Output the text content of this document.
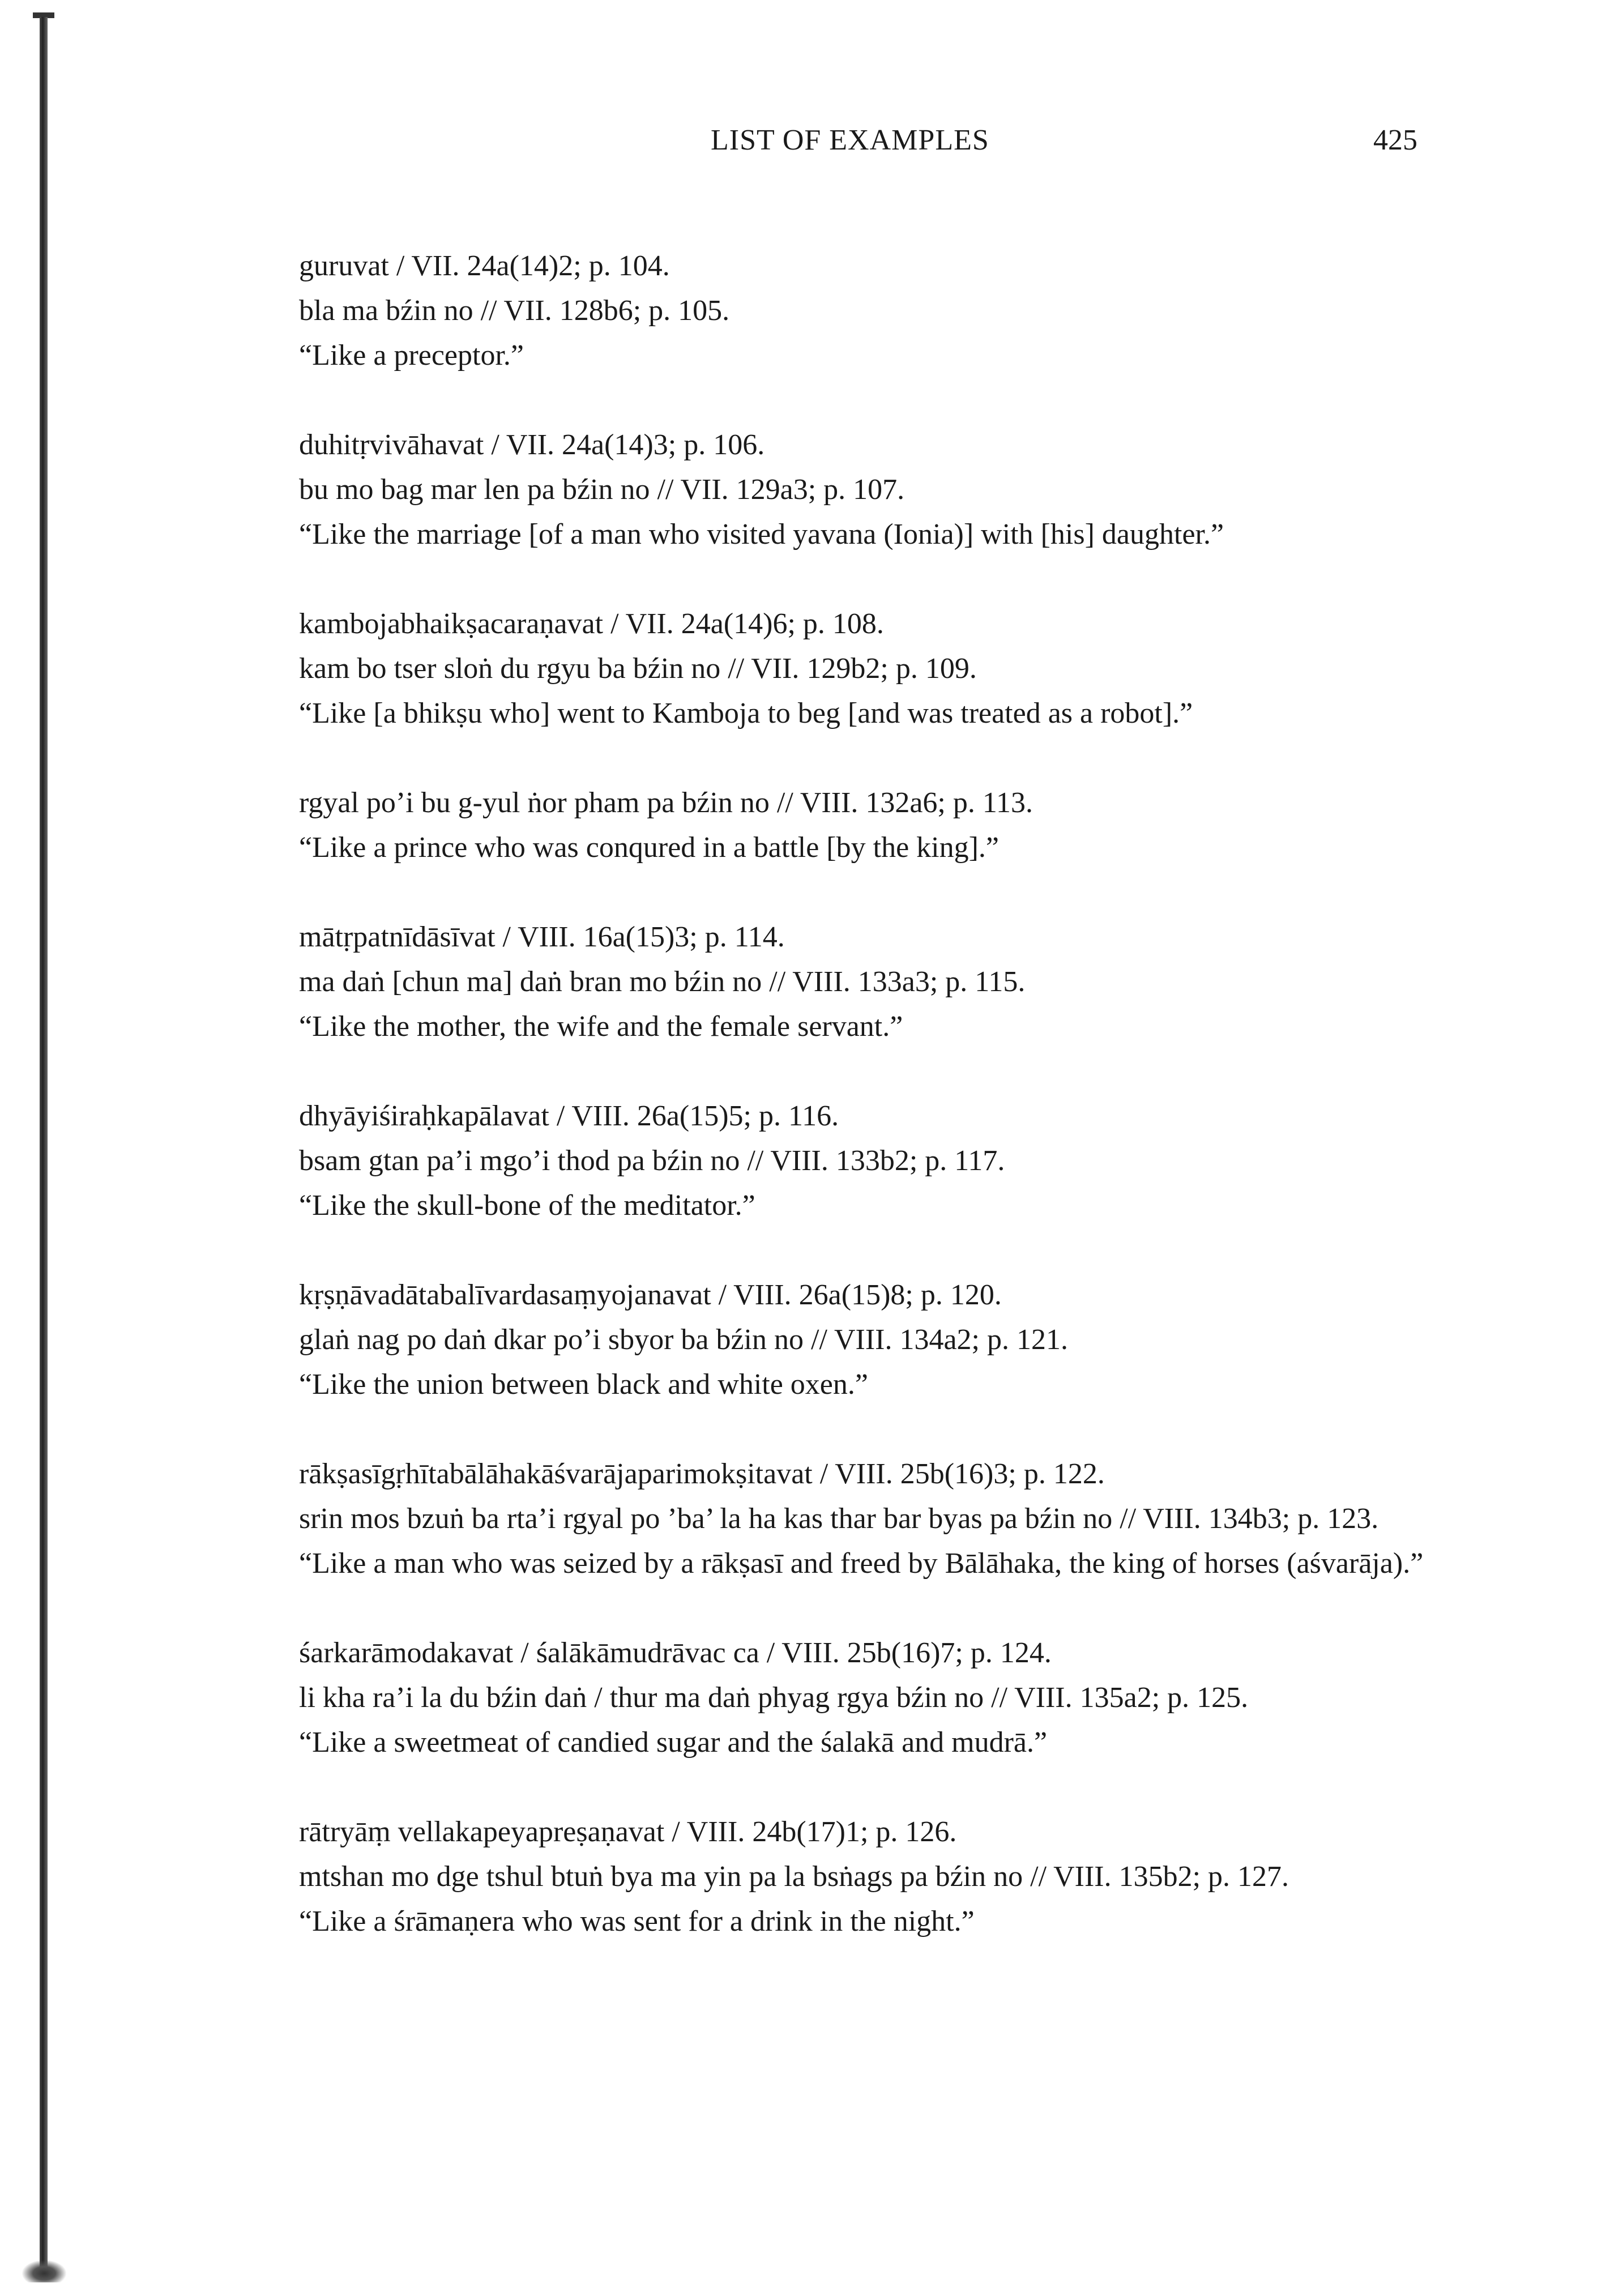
LIST OF EXAMPLES	425

guruvat / VII. 24a(14)2; p. 104.

bla ma bźin no // VII. 128b6; p. 105.

“Like a preceptor.”

duhitṛvivāhavat / VII. 24a(14)3; p. 106.

bu mo bag mar len pa bźin no // VII. 129a3; p. 107.

“Like the marriage [of a man who visited yavana (Ionia)] with [his] daughter.”

kambojabhaikṣacaraṇavat / VII. 24a(14)6; p. 108.

kam bo tser sloṅ du rgyu ba bźin no // VII. 129b2; p. 109.

“Like [a bhikṣu who] went to Kamboja to beg [and was treated as a robot].”

rgyal po’i bu g-yul ṅor pham pa bźin no // VIII. 132a6; p. 113.

“Like a prince who was conqured in a battle [by the king].”

mātṛpatnīdāsīvat / VIII. 16a(15)3; p. 114.

ma daṅ [chun ma] daṅ bran mo bźin no // VIII. 133a3; p. 115.

“Like the mother, the wife and the female servant.”

dhyāyiśiraḥkapālavat / VIII. 26a(15)5; p. 116.

bsam gtan pa’i mgo’i thod pa bźin no // VIII. 133b2; p. 117.

“Like the skull-bone of the meditator.”

kṛṣṇāvadātabalīvardasaṃyojanavat / VIII. 26a(15)8; p. 120.

glaṅ nag po daṅ dkar po’i sbyor ba bźin no // VIII. 134a2; p. 121.

“Like the union between black and white oxen.”

rākṣasīgṛhītabālāhakāśvarājaparimokṣitavat / VIII. 25b(16)3; p. 122.

srin mos bzuṅ ba rta’i rgyal po ’ba’ la ha kas thar bar byas pa bźin no // VIII. 134b3; p. 123.

“Like a man who was seized by a rākṣasī and freed by Bālāhaka, the king of horses (aśvarāja).”

śarkarāmodakavat / śalākāmudrāvac ca / VIII. 25b(16)7; p. 124.

li kha ra’i la du bźin daṅ / thur ma daṅ phyag rgya bźin no // VIII. 135a2; p. 125.

“Like a sweetmeat of candied sugar and the śalakā and mudrā.”

rātryāṃ vellakapeyapreṣaṇavat / VIII. 24b(17)1; p. 126.

mtshan mo dge tshul btuṅ bya ma yin pa la bsṅags pa bźin no // VIII. 135b2; p. 127.

“Like a śrāmaṇera who was sent for a drink in the night.”
